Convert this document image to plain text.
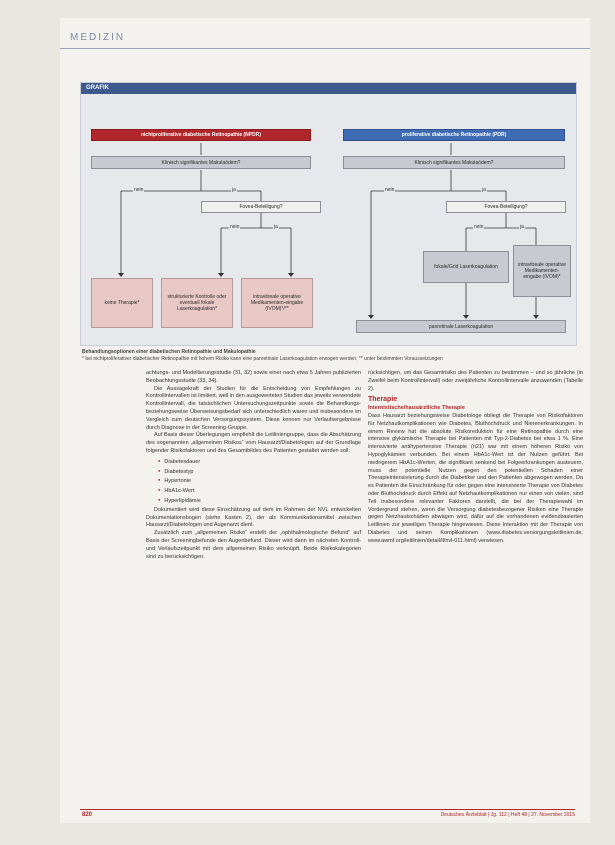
MEDIZIN
GRAFIK
nichtproliferative diabetische Retinopathie (NPDR)
Klinisch signifikantes Makulaödem?
nein	ja
Fovea-Beteiligung?
nein	ja
keine Therapie*
strukturierte Kontrolle oder eventuell fokale Laserkoagulation*
intravitreale operative Medikamenten-eingabe (IVOM)*/**
proliferative diabetische Retinopathie (PDR)
Klinisch signifikantes Makulaödem?
nein	ja
Fovea-Beteiligung?
nein	ja
fokale/Grid Laserkoagulation	intravitreale operative Medikamenten-eingabe (IVOM)*
panretinale Laserkoagulation
Behandlungsoptionen einer diabetischen Retinopathie und Makulopathie
* bei nichtproliferativer diabetischer Retinopathie mit hohem Risiko kann eine panretinale Laserkoagulation erwogen werden; ** unter bestimmten Voraussetzungen

achtungs- und Modellierungsstudie (31, 32) sowie einer nach etwa 5 Jahren publizierten Beobachtungsstudie (33, 34).

Die Aussagekraft der Studien für die Entscheidung von Empfehlungen zu Kontrollintervallen ist limitiert, weil in den ausgewerteten Studien das jeweils verwendete Kontrollintervall, die tatsächlichen Untersuchungszeitpunkte sowie die Behandlungs- beziehungsweise Überweisungsbedarf sich unterschiedlich waren und insbesondere im Vergleich zum deutschen Versorgungssystem. Diese kennen nur Verlaufsergebnisse durch Diagnose in der Screening-Gruppe.

Auf Basis dieser Überlegungen empfiehlt die Leitliniengruppe, dass die Abschätzung des sogenannten „allgemeinen Risikos“ vom Hausarzt/Diabetologen auf der Grundlage folgender Risikofaktoren und des Gesamtbildes des Patienten gestaltet werden soll:

● Diabetesdauer
● Diabetestyp
● Hypertonie
● HbA1c-Wert
● Hyperlipidämie

Dokumentiert wird diese Einschätzung auf dem im Rahmen der NVL entwickelten Dokumentationsbogen (siehe Kasten 2), der als Kommunikationsmittel zwischen Hausarzt/Diabetologen und Augenarzt dient.

Zusätzlich zum „allgemeinen Risiko“ erstellt der „ophthalmologische Befund“ auf Basis der Screeningbefunde den Augenbefund. Dieser wird dann im nächsten Kontroll- und Verlaufszeitpunkt mit dem allgemeinen Risiko verknüpft. Beide Risikokategorien sind zu berücksichtigen.

rücksichtigen, um das Gesamtrisiko des Patienten zu bestimmen – und so jährliche (in Zweifel beim Kontrollintervall) oder zweijährliche Kontrollintervalle anzuwenden (Tabelle 2).

Therapie
Internistische/hausärztliche Therapie

Dass Hausarzt beziehungsweise Diabetologe obliegt die Therapie von Risikofaktoren für Netzhautkomplikationen wie Diabetes, Bluthochdruck und Nierenerkrankungen. In einem Review hat die absolute Risikoreduktion für eine Retinopathie durch eine intensive glykämische Therapie bei Patienten mit Typ-2-Diabetes bei etwa 1 %. Eine intensivierte antihypertensive Therapie (n21) war mit einem höheren Risiko von Hypoglykämien verbunden. Bei einem HbA1c-Wert ist der Nutzen geführt. Bei niedrigerem HbA1c-Werten, die signifikant senkend bei Folgeerkrankungen austeuern, muss der potentielle Nutzen gegen den potentiellen Schaden einer Therapieintensivierung durch die Diabetiker und den Patienten abgewogen werden. Da es Patienten die Einschränkung für oder gegen eine intensivierte Therapie von Diabetes oder Bluthochdruck durch Effekt auf Netzhautkomplikationen nur einen von vielen, sind Teil insbesondere relevanter Faktoren darstellt, die bei der Therapiewahl im Vordergrund stehen, wenn die Versorgung diabetesbezogener Risiken eine Therapie gegen Netzhautschäden abwägen wird, dafür auf die vorhandenen evidenzbasierten Leitlinien zur jeweiligen Therapie hingewiesen. Diese Interaktion mit der Therapie von Diabetes und seinen Komplikationen (www.diabetes.versorgungsleitlinien.de, www.awmf.org/leitlinien/detail/ll/nvl-011.html) verwiesen.

820	Deutsches Ärzteblatt | Jg. 112 | Heft 48 | 27. November 2015
